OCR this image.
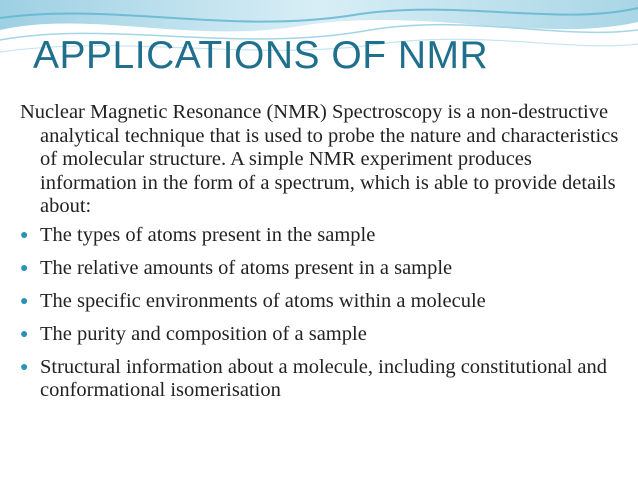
APPLICATIONS OF NMR

Nuclear Magnetic Resonance (NMR) Spectroscopy is a non-destructive analytical technique that is used to probe the nature and characteristics of molecular structure. A simple NMR experiment produces information in the form of a spectrum, which is able to provide details about:

● The types of atoms present in the sample
● The relative amounts of atoms present in a sample
● The specific environments of atoms within a molecule
● The purity and composition of a sample
● Structural information about a molecule, including constitutional and conformational isomerisation
